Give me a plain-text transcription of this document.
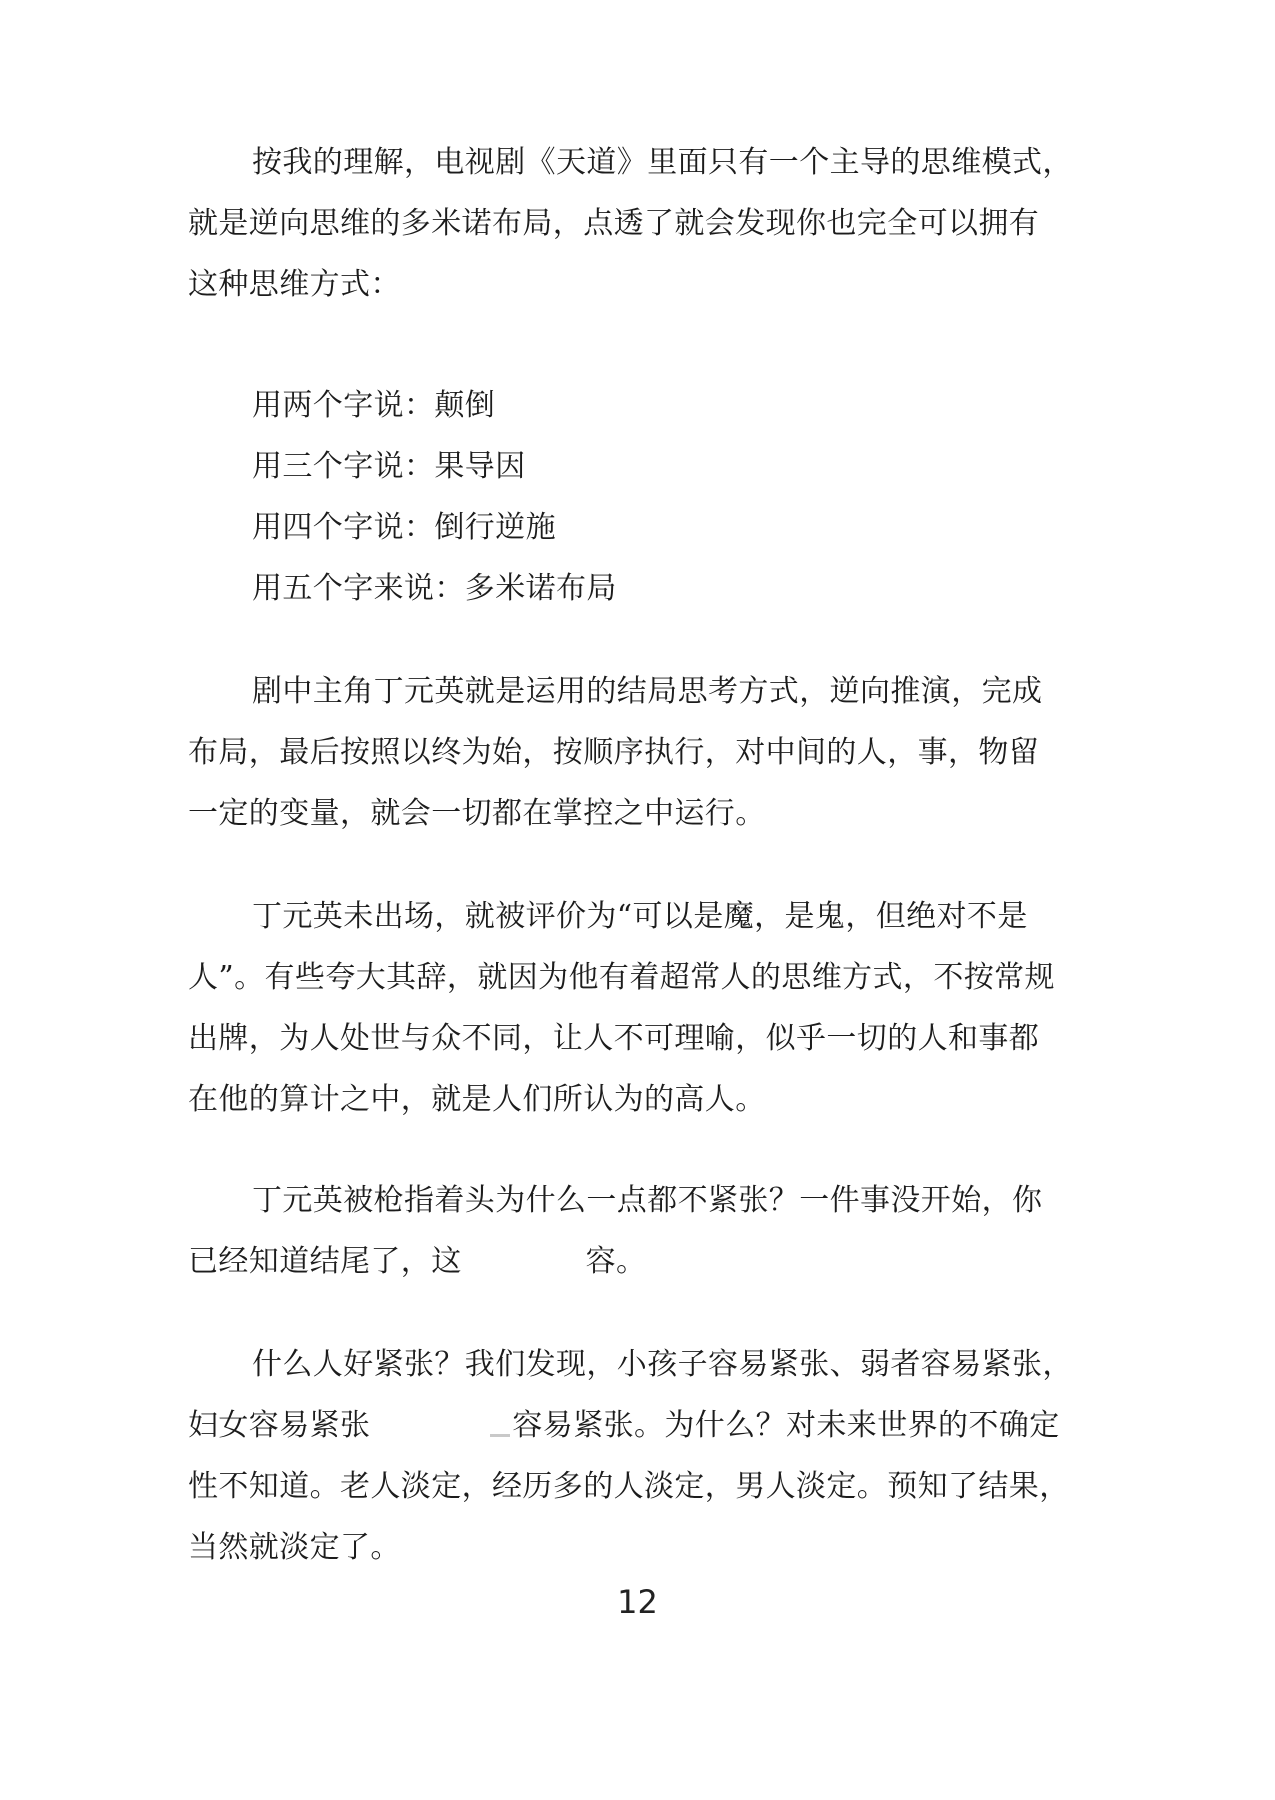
按我的理解，电视剧《天道》里面只有一个主导的思维模式，
就是逆向思维的多米诺布局，点透了就会发现你也完全可以拥有
这种思维方式：
用两个字说：颠倒
用三个字说：果导因
用四个字说：倒行逆施
用五个字来说：多米诺布局
剧中主角丁元英就是运用的结局思考方式，逆向推演，完成
布局，最后按照以终为始，按顺序执行，对中间的人，事，物留
一定的变量，就会一切都在掌控之中运行。
丁元英未出场，就被评价为“可以是魔，是鬼，但绝对不是
人”。有些夸大其辞，就因为他有着超常人的思维方式，不按常规
出牌，为人处世与众不同，让人不可理喻，似乎一切的人和事都
在他的算计之中，就是人们所认为的高人。
丁元英被枪指着头为什么一点都不紧张？一件事没开始，你
已经知道结尾了，这	容。
什么人好紧张？我们发现，小孩子容易紧张、弱者容易紧张，
妇女容易紧张	容易紧张。为什么？对未来世界的不确定
性不知道。老人淡定，经历多的人淡定，男人淡定。预知了结果，
当然就淡定了。
12
